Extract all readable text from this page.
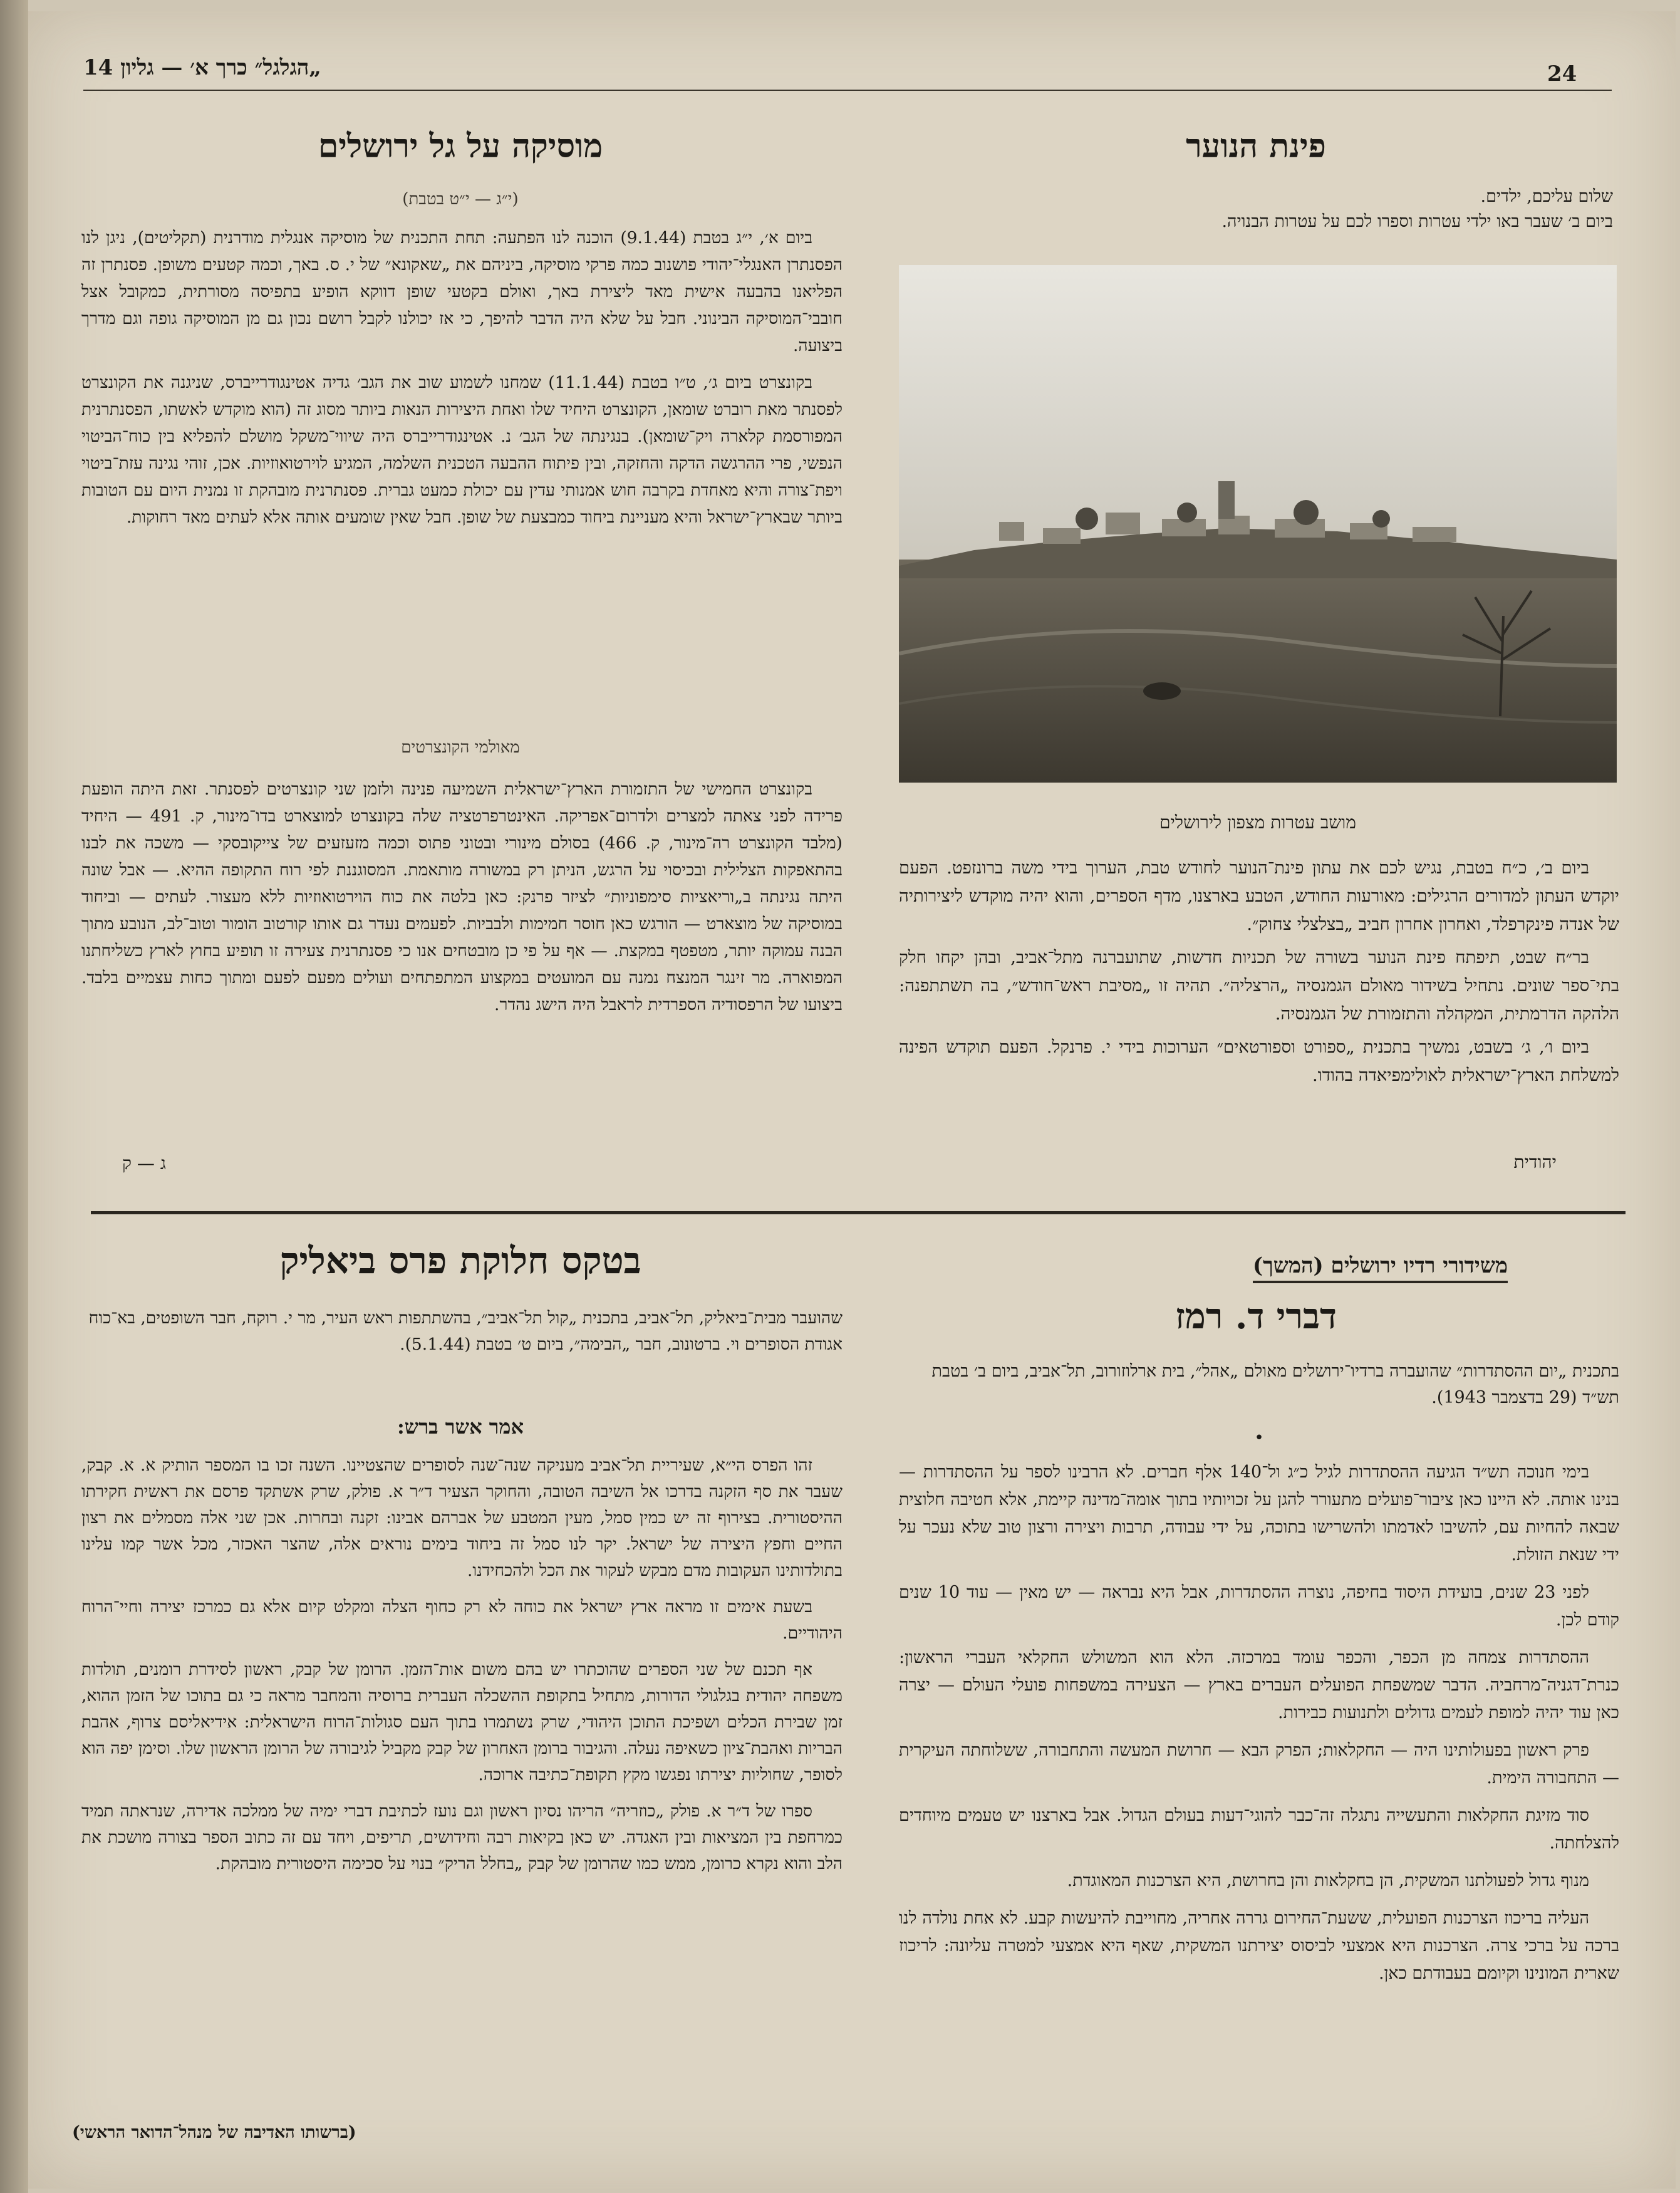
24
„הגלגל״ כרך א׳ — גליון 14
פינת הנוער
שלום עליכם, ילדים.
ביום ב׳ שעבר באו ילדי עטרות וספרו לכם על עטרות הבנויה.
מושב עטרות מצפון לירושלים

ביום ב׳, כ״ח בטבת, נגיש לכם את עתון פינת־הנוער לחודש טבת, הערוך בידי משה ברונזפט. הפעם יוקדש העתון למדורים הרגילים: מאורעות החודש, הטבע בארצנו, מדף הספרים, והוא יהיה מוקדש ליצירותיה של אנדה פינקרפלד, ואחרון אחרון חביב „בצלצלי צחוק״.

בר״ח שבט, תיפתח פינת הנוער בשורה של תכניות חדשות, שתועברנה מתל־אביב, ובהן יקחו חלק בתי־ספר שונים. נתחיל בשידור מאולם הגמנסיה „הרצליה״. תהיה זו „מסיבת ראש־חודש״, בה תשתתפנה: הלהקה הדרמתית, המקהלה והתזמורת של הגמנסיה.

ביום ו׳, ג׳ בשבט, נמשיך בתכנית „ספורט וספורטאים״ הערוכות בידי י. פרנקל. הפעם תוקדש הפינה למשלחת הארץ־ישראלית לאולימפיאדה בהודו.

יהודית
מוסיקה על גל ירושלים
(י״ג — י״ט בטבת)

ביום א׳, י״ג בטבת (9.1.44) הוכנה לנו הפתעה: תחת התכנית של מוסיקה אנגלית מודרנית (תקליטים), ניגן לנו הפסנתרן האנגלי־יהודי פושנוב כמה פרקי מוסיקה, ביניהם את „שאקונא״ של י. ס. באך, וכמה קטעים משופן. פסנתרן זה הפליאנו בהבעה אישית מאד ליצירת באך, ואולם בקטעי שופן דווקא הופיע בתפיסה מסורתית, כמקובל אצל חובבי־המוסיקה הבינוני. חבל על שלא היה הדבר להיפך, כי אז יכולנו לקבל רושם נכון גם מן המוסיקה גופה וגם מדרך ביצועה.

בקונצרט ביום ג׳, ט״ו בטבת (11.1.44) שמחנו לשמוע שוב את הגב׳ גדיה אטינגודרייברס, שניגנה את הקונצרט לפסנתר מאת רוברט שומאן, הקונצרט היחיד שלו ואחת היצירות הנאות ביותר מסוג זה (הוא מוקדש לאשתו, הפסנתרנית המפורסמת קלארה ויק־שומאן). בנגינתה של הגב׳ נ. אטינגודרייברס היה שיווי־משקל מושלם להפליא בין כוח־הביטוי הנפשי, פרי ההרגשה הדקה והחזקה, ובין פיתוח ההבעה הטכנית השלמה, המגיע לוירטואוזיות. אכן, זוהי נגינה עזת־ביטוי ויפת־צורה והיא מאחדת בקרבה חוש אמנותי עדין עם יכולת כמעט גברית. פסנתרנית מובהקת זו נמנית היום עם הטובות ביותר שבארץ־ישראל והיא מעניינת ביחוד כמבצעת של שופן. חבל שאין שומעים אותה אלא לעתים מאד רחוקות.

מאולמי הקונצרטים

בקונצרט החמישי של התזמורת הארץ־ישראלית השמיעה פנינה ולזמן שני קונצרטים לפסנתר. זאת היתה הופעת פרידה לפני צאתה למצרים ולדרום־אפריקה. האינטרפרטציה שלה בקונצרט למוצארט בדו־מינור, ק. 491 — היחיד (מלבד הקונצרט רה־מינור, ק. 466) בסולם מינורי ובטוני פתוס וכמה מזעזעים של צייקובסקי — משכה את לבנו בהתאפקות הצלילית ובכיסוי על הרגש, הניתן רק במשורה מותאמת. המסוגננת לפי רוח התקופה ההיא. — אבל שונה היתה נגינתה ב„וריאציות סימפוניות״ לציזר פרנק: כאן בלטה את כוח הוירטואוזיות ללא מעצור. לעתים — וביחוד במוסיקה של מוצארט — הורגש כאן חוסר חמימות ולבביות. לפעמים נעדר גם אותו קורטוב הומור וטוב־לב, הנובע מתוך הבנה עמוקה יותר, מטפטף במקצת. — אף על פי כן מובטחים אנו כי פסנתרנית צעירה זו תופיע בחוץ לארץ כשליחתנו המפוארה. מר זינגר המנצח נמנה עם המועטים במקצוע המתפתחים ועולים מפעם לפעם ומתוך כחות עצמיים בלבד. ביצועו של הרפסודיה הספרדית לראבל היה הישג נהדר.

ג — ק
משידורי רדיו ירושלים (המשך)
דברי ד. רמז
בתכנית „יום ההסתדרות״ שהועברה ברדיו־ירושלים מאולם „אהל״, בית ארלוזורוב, תל־אביב, ביום ב׳ בטבת תש״ד (29 בדצמבר 1943).
•

בימי חנוכה תש״ד הגיעה ההסתדרות לגיל כ״ג ול־140 אלף חברים. לא הרבינו לספר על ההסתדרות — בנינו אותה. לא היינו כאן ציבור־פועלים מתעורר להגן על זכויותיו בתוך אומה־מדינה קיימת, אלא חטיבה חלוצית שבאה להחיות עם, להשיבו לאדמתו ולהשרישו בתוכה, על ידי עבודה, תרבות ויצירה ורצון טוב שלא נעכר על ידי שנאת הזולת.

לפני 23 שנים, בועידת היסוד בחיפה, נוצרה ההסתדרות, אבל היא נבראה — יש מאין — עוד 10 שנים קודם לכן.

ההסתדרות צמחה מן הכפר, והכפר עומד במרכזה. הלא הוא המשולש החקלאי העברי הראשון: כנרת־דגניה־מרחביה. הדבר שמשפחת הפועלים העברים בארץ — הצעירה במשפחות פועלי העולם — יצרה כאן עוד יהיה למופת לעמים גדולים ולתנועות כבירות.

פרק ראשון בפעולותינו היה — החקלאות; הפרק הבא — חרושת המעשה והתחבורה, ששלוחתה העיקרית — התחבורה הימית.

סוד מזיגת החקלאות והתעשייה נתגלה זה־כבר להוגי־דעות בעולם הגדול. אבל בארצנו יש טעמים מיוחדים להצלחתה.

מנוף גדול לפעולתנו המשקית, הן בחקלאות והן בחרושת, היא הצרכנות המאוגדת.

העליה בריכוז הצרכנות הפועלית, ששעת־החירום גררה אחריה, מחוייבת להיעשות קבע. לא אחת נולדה לנו ברכה על ברכי צרה. הצרכנות היא אמצעי לביסוס יצירתנו המשקית, שאף היא אמצעי למטרה עליונה: לריכוז שארית המונינו וקיומם בעבודתם כאן.

בטקס חלוקת פרס ביאליק
שהועבר מבית־ביאליק, תל־אביב, בתכנית „קול תל־אביב״, בהשתתפות ראש העיר, מר י. רוקח, חבר השופטים, בא־כוח אגודת הסופרים וי. ברטונוב, חבר „הבימה״, ביום ט׳ בטבת (5.1.44).
אמר אשר ברש:

זהו הפרס הי״א, שעיריית תל־אביב מעניקה שנה־שנה לסופרים שהצטיינו. השנה זכו בו המספר הותיק א. א. קבק, שעבר את סף הזקנה בדרכו אל השיבה הטובה, והחוקר הצעיר ד״ר א. פולק, שרק אשתקד פרסם את ראשית חקירתו ההיסטורית. בצירוף זה יש כמין סמל, מעין המטבע של אברהם אבינו: זקנה ובחרות. אכן שני אלה מסמלים את רצון החיים וחפץ היצירה של ישראל. יקר לנו סמל זה ביחוד בימים נוראים אלה, שהצר האכזר, מכל אשר קמו עלינו בתולדותינו העקובות מדם מבקש לעקור את הכל ולהכחידנו.

בשעת אימים זו מראה ארץ ישראל את כוחה לא רק כחוף הצלה ומקלט קיום אלא גם כמרכז יצירה וחיי־הרוח היהודיים.

אף תכנם של שני הספרים שהוכתרו יש בהם משום אות־הזמן. הרומן של קבק, ראשון לסידרת רומנים, תולדות משפחה יהודית בגלגולי הדורות, מתחיל בתקופת ההשכלה העברית ברוסיה והמחבר מראה כי גם בתוכו של הזמן ההוא, זמן שבירת הכלים ושפיכת התוכן היהודי, שרק נשתמרו בתוך העם סגולות־הרוח הישראלית: אידיאליסם צרוף, אהבת הבריות ואהבת־ציון כשאיפה נעלה. והגיבור ברומן האחרון של קבק מקביל לגיבורה של הרומן הראשון שלו. וסימן יפה הוא לסופר, שחוליות יצירתו נפגשו מקץ תקופת־כתיבה ארוכה.

ספרו של ד״ר א. פולק „כוזריה״ הריהו נסיון ראשון וגם נועז לכתיבת דברי ימיה של ממלכה אדירה, שנראתה תמיד כמרחפת בין המציאות ובין האגדה. יש כאן בקיאות רבה וחידושים, תריפים, ויחד עם זה כתוב הספר בצורה מושכת את הלב והוא נקרא כרומן, ממש כמו שהרומן של קבק „בחלל הריק״ בנוי על סכימה היסטורית מובהקת.

(ברשותו האדיבה של מנהל־הדואר הראשי)
